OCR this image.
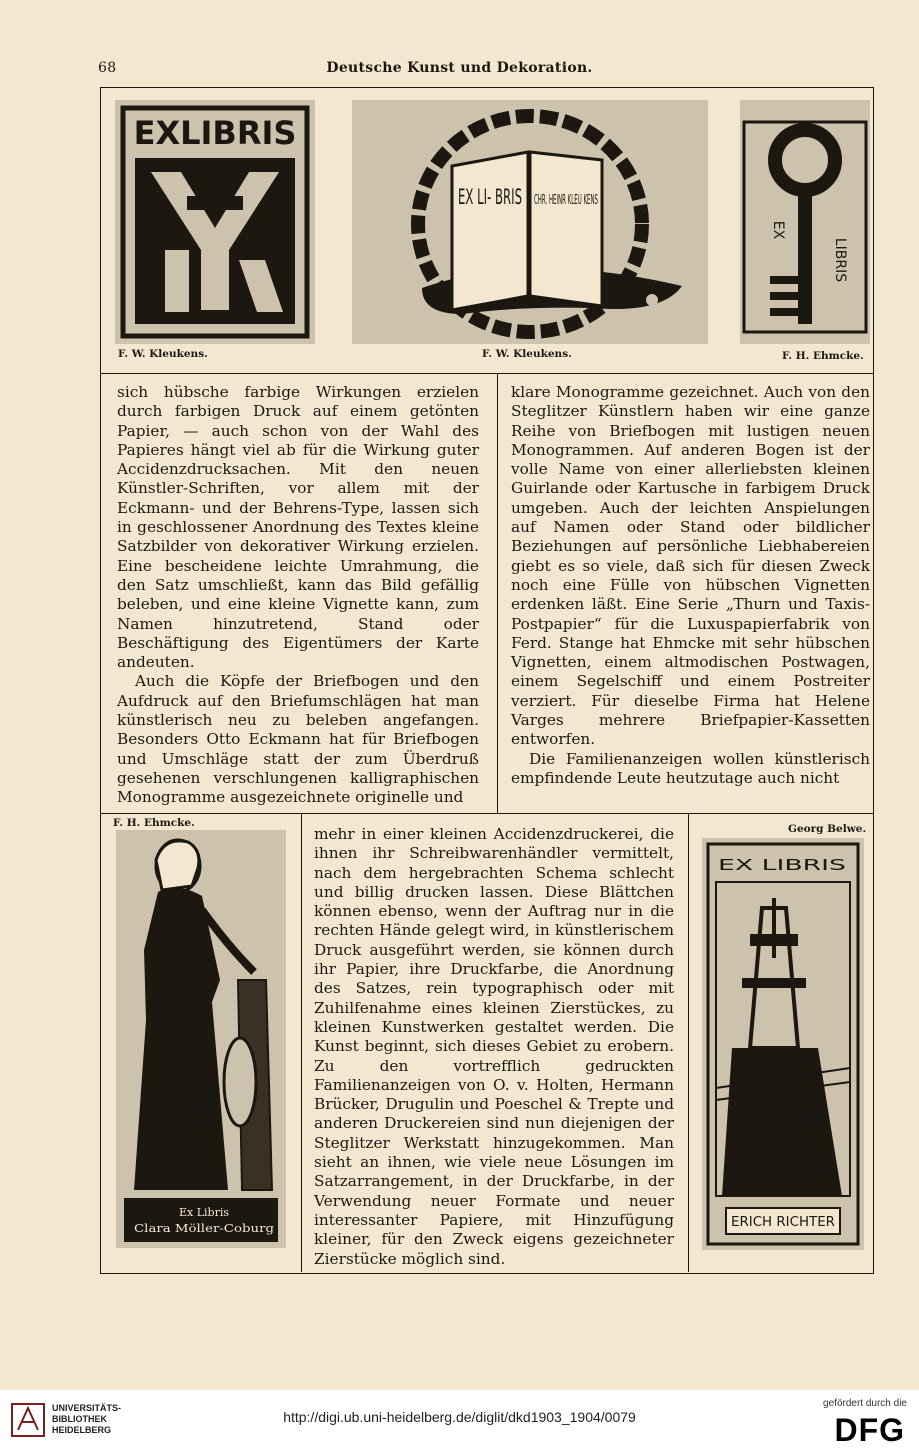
68	Deutsche Kunst und Dekoration.
EXLIBRIS
F. W. Kleukens.
EX LI- BRIS CHR. HEINR KLEU KENS
F. W. Kleukens.
EX
LIBRIS
F. H. Ehmcke.

sich hübsche farbige Wirkungen erzielen durch farbigen Druck auf einem getönten Papier, — auch schon von der Wahl des Papieres hängt viel ab für die Wirkung guter Accidenzdrucksachen. Mit den neuen Künstler-Schriften, vor allem mit der Eckmann- und der Behrens-Type, lassen sich in geschlossener Anordnung des Textes kleine Satzbilder von dekorativer Wirkung erzielen. Eine bescheidene leichte Umrahmung, die den Satz umschließt, kann das Bild gefällig beleben, und eine kleine Vignette kann, zum Namen hinzutretend, Stand oder Beschäftigung des Eigentümers der Karte andeuten.

Auch die Köpfe der Briefbogen und den Aufdruck auf den Briefumschlägen hat man künstlerisch neu zu beleben angefangen. Besonders Otto Eckmann hat für Briefbogen und Umschläge statt der zum Überdruß gesehenen verschlungenen kalligraphischen Monogramme ausgezeichnete originelle und

klare Monogramme gezeichnet. Auch von den Steglitzer Künstlern haben wir eine ganze Reihe von Briefbogen mit lustigen neuen Monogrammen. Auf anderen Bogen ist der volle Name von einer allerliebsten kleinen Guirlande oder Kartusche in farbigem Druck umgeben. Auch der leichten Anspielungen auf Namen oder Stand oder bildlicher Beziehungen auf persönliche Liebhabereien giebt es so viele, daß sich für diesen Zweck noch eine Fülle von hübschen Vignetten erdenken läßt. Eine Serie „Thurn und Taxis-Postpapier“ für die Luxuspapierfabrik von Ferd. Stange hat Ehmcke mit sehr hübschen Vignetten, einem altmodischen Postwagen, einem Segelschiff und einem Postreiter verziert. Für dieselbe Firma hat Helene Varges mehrere Briefpapier-Kassetten entworfen.

Die Familienanzeigen wollen künstlerisch empfindende Leute heutzutage auch nicht

F. H. Ehmcke.
Ex Libris
Clara Möller-Coburg

mehr in einer kleinen Accidenzdruckerei, die ihnen ihr Schreibwarenhändler vermittelt, nach dem hergebrachten Schema schlecht und billig drucken lassen. Diese Blättchen können ebenso, wenn der Auftrag nur in die rechten Hände gelegt wird, in künstlerischem Druck ausgeführt werden, sie können durch ihr Papier, ihre Druckfarbe, die Anordnung des Satzes, rein typographisch oder mit Zuhilfenahme eines kleinen Zierstückes, zu kleinen Kunstwerken gestaltet werden. Die Kunst beginnt, sich dieses Gebiet zu erobern. Zu den vortrefflich gedruckten Familienanzeigen von O. v. Holten, Hermann Brücker, Drugulin und Poeschel & Trepte und anderen Druckereien sind nun diejenigen der Steglitzer Werkstatt hinzugekommen. Man sieht an ihnen, wie viele neue Lösungen im Satzarrangement, in der Druckfarbe, in der Verwendung neuer Formate und neuer interessanter Papiere, mit Hinzufügung kleiner, für den Zweck eigens gezeichneter Zierstücke möglich sind.

Georg Belwe.
EX LIBRIS
ERICH RICHTER
UNIVERSITÄTS-
BIBLIOTHEK
HEIDELBERG
http://digi.ub.uni-heidelberg.de/diglit/dkd1903_1904/0079
gefördert durch die
DFG
